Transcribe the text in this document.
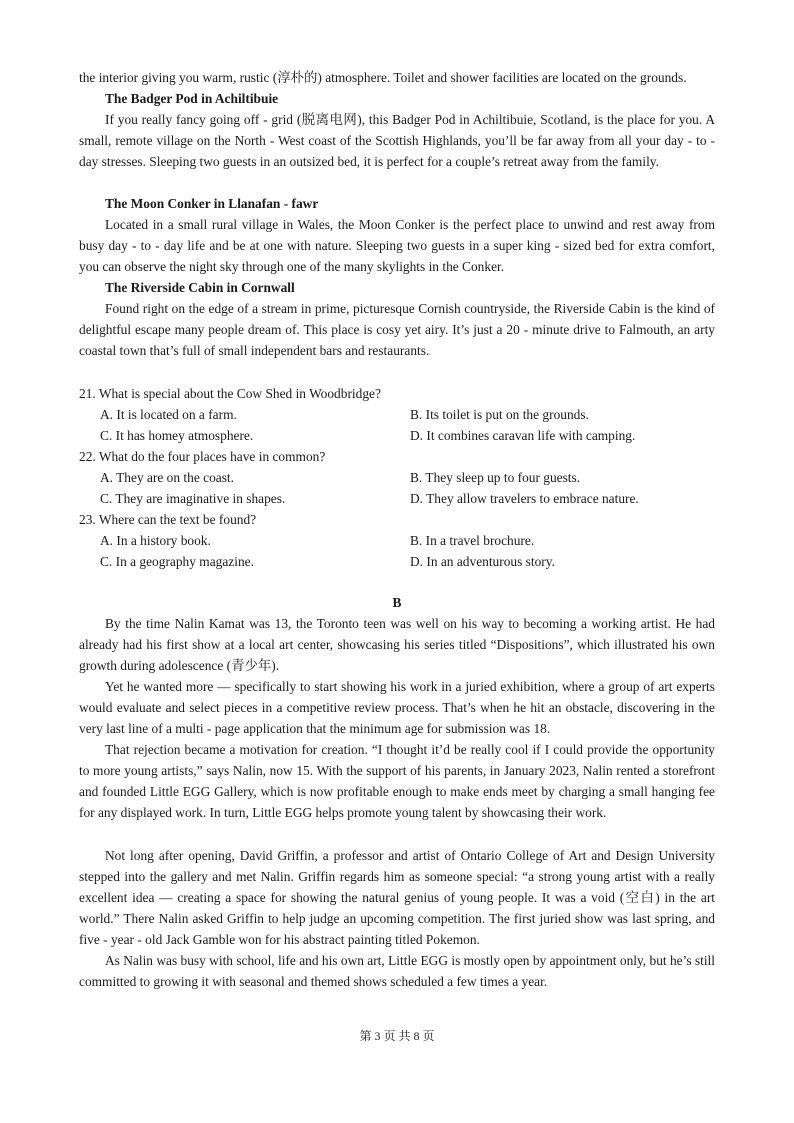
the interior giving you warm, rustic (淳朴的) atmosphere. Toilet and shower facilities are located on the grounds.

The Badger Pod in Achiltibuie

If you really fancy going off - grid (脱离电网), this Badger Pod in Achiltibuie, Scotland, is the place for you. A small, remote village on the North - West coast of the Scottish Highlands, you’ll be far away from all your day - to - day stresses. Sleeping two guests in an outsized bed, it is perfect for a couple’s retreat away from the family.

The Moon Conker in Llanafan - fawr

Located in a small rural village in Wales, the Moon Conker is the perfect place to unwind and rest away from busy day - to - day life and be at one with nature. Sleeping two guests in a super king - sized bed for extra comfort, you can observe the night sky through one of the many skylights in the Conker.

The Riverside Cabin in Cornwall

Found right on the edge of a stream in prime, picturesque Cornish countryside, the Riverside Cabin is the kind of delightful escape many people dream of. This place is cosy yet airy. It’s just a 20 - minute drive to Falmouth, an arty coastal town that’s full of small independent bars and restaurants.

21. What is special about the Cow Shed in Woodbridge?

A. It is located on a farm.	B. Its toilet is put on the grounds.

C. It has homey atmosphere.	D. It combines caravan life with camping.

22. What do the four places have in common?

A. They are on the coast.	B. They sleep up to four guests.

C. They are imaginative in shapes.	D. They allow travelers to embrace nature.

23. Where can the text be found?

A. In a history book.	B. In a travel brochure.

C. In a geography magazine.	D. In an adventurous story.

B

By the time Nalin Kamat was 13, the Toronto teen was well on his way to becoming a working artist. He had already had his first show at a local art center, showcasing his series titled “Dispositions”, which illustrated his own growth during adolescence (青少年).

Yet he wanted more — specifically to start showing his work in a juried exhibition, where a group of art experts would evaluate and select pieces in a competitive review process. That’s when he hit an obstacle, discovering in the very last line of a multi - page application that the minimum age for submission was 18.

That rejection became a motivation for creation. “I thought it’d be really cool if I could provide the opportunity to more young artists,” says Nalin, now 15. With the support of his parents, in January 2023, Nalin rented a storefront and founded Little EGG Gallery, which is now profitable enough to make ends meet by charging a small hanging fee for any displayed work. In turn, Little EGG helps promote young talent by showcasing their work.

Not long after opening, David Griffin, a professor and artist of Ontario College of Art and Design University stepped into the gallery and met Nalin. Griffin regards him as someone special: “a strong young artist with a really excellent idea — creating a space for showing the natural genius of young people. It was a void (空白) in the art world.” There Nalin asked Griffin to help judge an upcoming competition. The first juried show was last spring, and five - year - old Jack Gamble won for his abstract painting titled Pokemon.

As Nalin was busy with school, life and his own art, Little EGG is mostly open by appointment only, but he’s still committed to growing it with seasonal and themed shows scheduled a few times a year.

第 3 页 共 8 页
